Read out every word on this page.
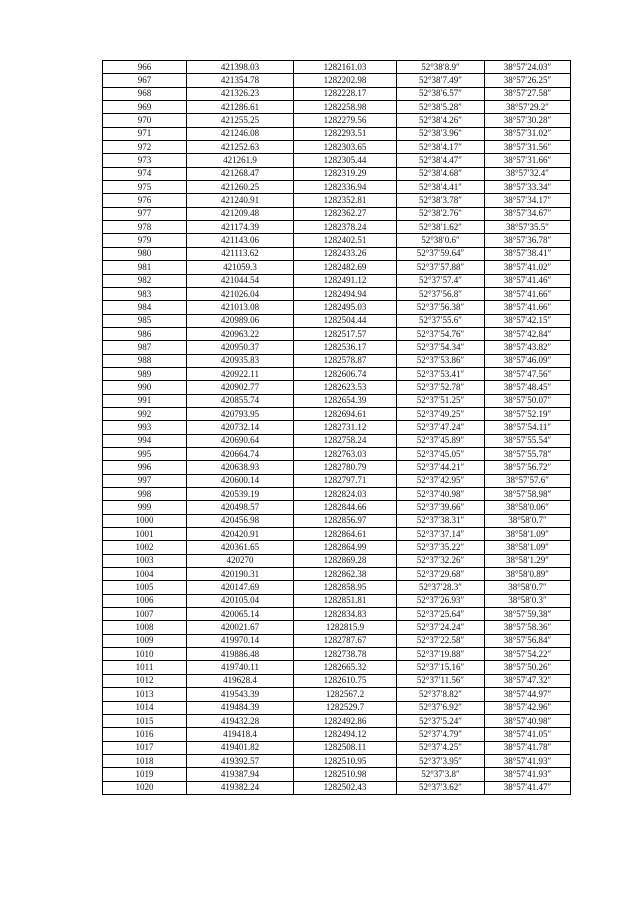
966	421398.03	1282161.03	52°38′8.9″	38°57′24.03″
967	421354.78	1282202.98	52°38′7.49″	38°57′26.25″
968	421326.23	1282228.17	52°38′6.57″	38°57′27.58″
969	421286.61	1282258.98	52°38′5.28″	38°57′29.2″
970	421255.25	1282279.56	52°38′4.26″	38°57′30.28″
971	421246.08	1282293.51	52°38′3.96″	38°57′31.02″
972	421252.63	1282303.65	52°38′4.17″	38°57′31.56″
973	421261.9	1282305.44	52°38′4.47″	38°57′31.66″
974	421268.47	1282319.29	52°38′4.68″	38°57′32.4″
975	421260.25	1282336.94	52°38′4.41″	38°57′33.34″
976	421240.91	1282352.81	52°38′3.78″	38°57′34.17″
977	421209.48	1282362.27	52°38′2.76″	38°57′34.67″
978	421174.39	1282378.24	52°38′1.62″	38°57′35.5″
979	421143.06	1282402.51	52°38′0.6″	38°57′36.78″
980	421113.62	1282433.26	52°37′59.64″	38°57′38.41″
981	421059.3	1282482.69	52°37′57.88″	38°57′41.02″
982	421044.54	1282491.12	52°37′57.4″	38°57′41.46″
983	421026.04	1282494.94	52°37′56.8″	38°57′41.66″
984	421013.08	1282495.03	52°37′56.38″	38°57′41.66″
985	420989.06	1282504.44	52°37′55.6″	38°57′42.15″
986	420963.22	1282517.57	52°37′54.76″	38°57′42.84″
987	420950.37	1282536.17	52°37′54.34″	38°57′43.82″
988	420935.83	1282578.87	52°37′53.86″	38°57′46.09″
989	420922.11	1282606.74	52°37′53.41″	38°57′47.56″
990	420902.77	1282623.53	52°37′52.78″	38°57′48.45″
991	420855.74	1282654.39	52°37′51.25″	38°57′50.07″
992	420793.95	1282694.61	52°37′49.25″	38°57′52.19″
993	420732.14	1282731.12	52°37′47.24″	38°57′54.11″
994	420690.64	1282758.24	52°37′45.89″	38°57′55.54″
995	420664.74	1282763.03	52°37′45.05″	38°57′55.78″
996	420638.93	1282780.79	52°37′44.21″	38°57′56.72″
997	420600.14	1282797.71	52°37′42.95″	38°57′57.6″
998	420539.19	1282824.03	52°37′40.98″	38°57′58.98″
999	420498.57	1282844.66	52°37′39.66″	38°58′0.06″
1000	420456.98	1282856.97	52°37′38.31″	38°58′0.7″
1001	420420.91	1282864.61	52°37′37.14″	38°58′1.09″
1002	420361.65	1282864.99	52°37′35.22″	38°58′1.09″
1003	420270	1282869.28	52°37′32.26″	38°58′1.29″
1004	420190.31	1282862.38	52°37′29.68″	38°58′0.89″
1005	420147.69	1282858.95	52°37′28.3″	38°58′0.7″
1006	420105.04	1282851.81	52°37′26.93″	38°58′0.3″
1007	420065.14	1282834.83	52°37′25.64″	38°57′59.38″
1008	420021.67	1282815.9	52°37′24.24″	38°57′58.36″
1009	419970.14	1282787.67	52°37′22.58″	38°57′56.84″
1010	419886.48	1282738.78	52°37′19.88″	38°57′54.22″
1011	419740.11	1282665.32	52°37′15.16″	38°57′50.26″
1012	419628.4	1282610.75	52°37′11.56″	38°57′47.32″
1013	419543.39	1282567.2	52°37′8.82″	38°57′44.97″
1014	419484.39	1282529.7	52°37′6.92″	38°57′42.96″
1015	419432.28	1282492.86	52°37′5.24″	38°57′40.98″
1016	419418.4	1282494.12	52°37′4.79″	38°57′41.05″
1017	419401.82	1282508.11	52°37′4.25″	38°57′41.78″
1018	419392.57	1282510.95	52°37′3.95″	38°57′41.93″
1019	419387.94	1282510.98	52°37′3.8″	38°57′41.93″
1020	419382.24	1282502.43	52°37′3.62″	38°57′41.47″
